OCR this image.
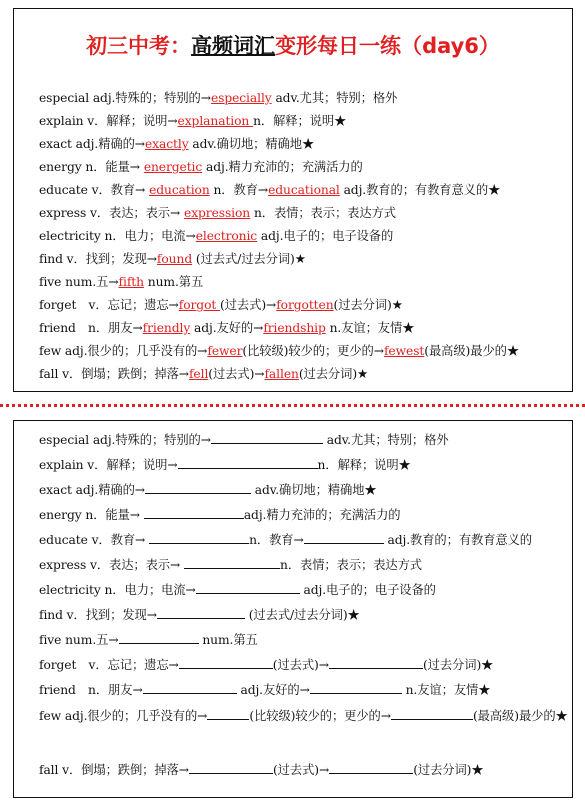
初三中考：高频词汇变形每日一练（day6）
especial adj.特殊的；特别的→especially adv.尤其；特别；格外
explain v．解释；说明→explanation n．解释；说明★
exact adj.精确的→exactly adv.确切地；精确地★
energy n．能量→ energetic adj.精力充沛的；充满活力的
educate v．教育→ education n．教育→educational adj.教育的；有教育意义的★
express v．表达；表示→ expression n．表情；表示；表达方式
electricity n．电力；电流→electronic adj.电子的；电子设备的
find v．找到；发现→found (过去式/过去分词)★
five num.五→fifth num.第五
forget　v．忘记；遗忘→forgot (过去式)→forgotten(过去分词)★
friend　n．朋友→friendly adj.友好的→friendship n.友谊；友情★
few adj.很少的；几乎没有的→fewer(比较级)较少的；更少的→fewest(最高级)最少的★
fall v．倒塌；跌倒；掉落→fell(过去式)→fallen(过去分词)★
especial adj.特殊的；特别的→	adv.尤其；特别；格外
explain v．解释；说明→	n．解释；说明★
exact adj.精确的→	adv.确切地；精确地★
energy n．能量→	adj.精力充沛的；充满活力的
educate v．教育→	n．教育→	adj.教育的；有教育意义的
express v．表达；表示→	n．表情；表示；表达方式
electricity n．电力；电流→	adj.电子的；电子设备的
find v．找到；发现→	(过去式/过去分词)★
five num.五→	num.第五
forget　v．忘记；遗忘→	(过去式)→	(过去分词)★
friend　n．朋友→	adj.友好的→	n.友谊；友情★
few adj.很少的；几乎没有的→	(比较级)较少的；更少的→	(最高级)最少的★
fall v．倒塌；跌倒；掉落→	(过去式)→	(过去分词)★
